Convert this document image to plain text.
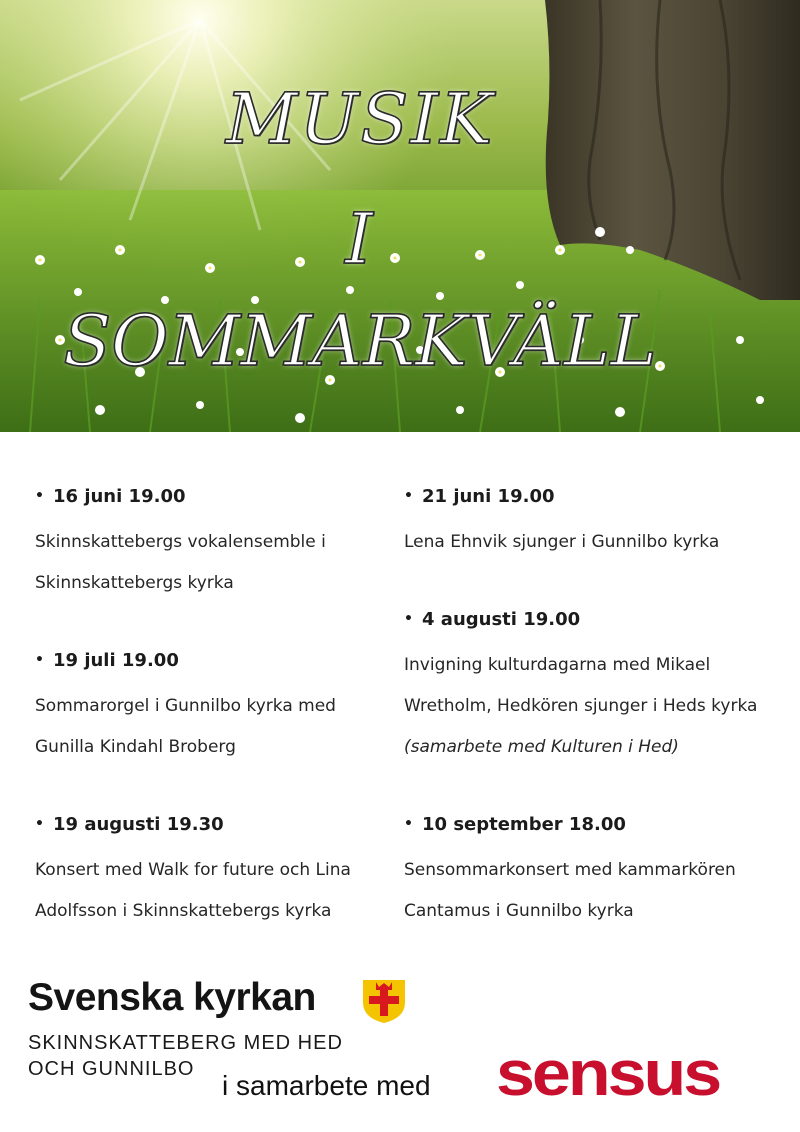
MUSIK
I
SOMMARKVÄLL
• 16 juni 19.00
Skinnskattebergs vokalensemble i
Skinnskattebergs kyrka
• 19 juli 19.00
Sommarorgel i Gunnilbo kyrka med
Gunilla Kindahl Broberg
• 19 augusti 19.30
Konsert med Walk for future och Lina
Adolfsson i Skinnskattebergs kyrka
• 21 juni 19.00
Lena Ehnvik sjunger i Gunnilbo kyrka
• 4 augusti 19.00
Invigning kulturdagarna med Mikael
Wretholm, Hedkören sjunger i Heds kyrka
(samarbete med Kulturen i Hed)
• 10 september 18.00
Sensommarkonsert med kammarkören
Cantamus i Gunnilbo kyrka
Svenska kyrkan
SKINNSKATTEBERG MED HED
OCH GUNNILBO
i samarbete med sensus
